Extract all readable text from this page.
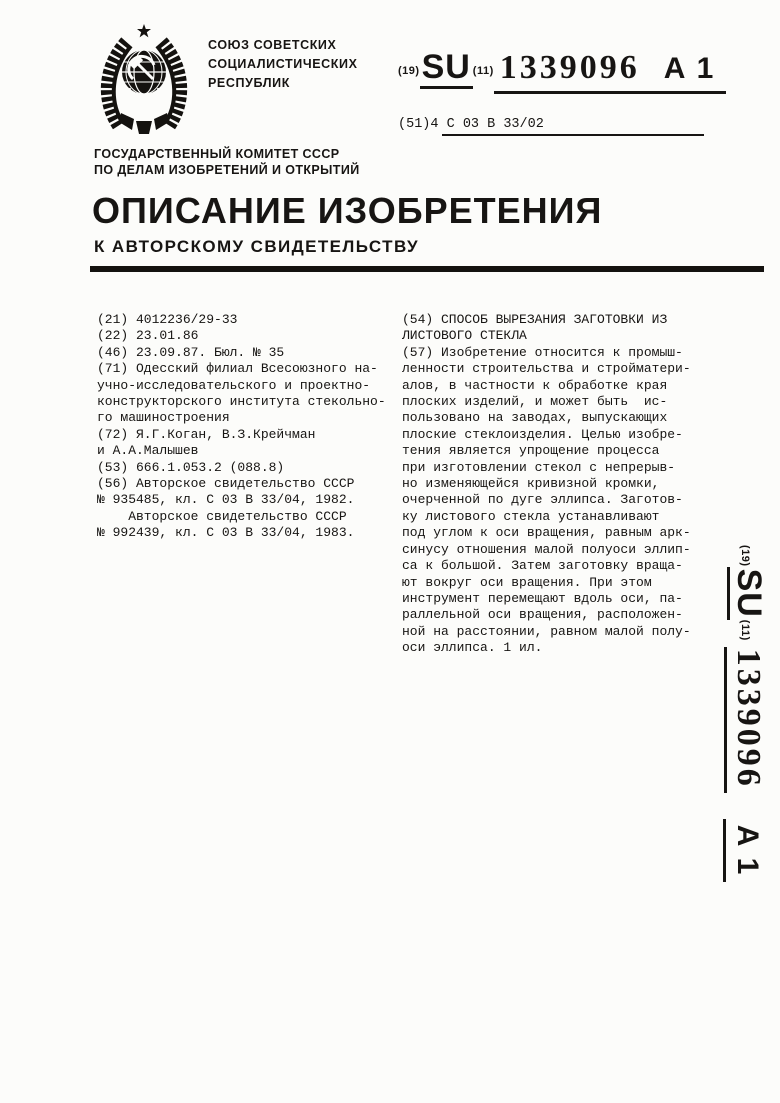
СОЮЗ СОВЕТСКИХ
СОЦИАЛИСТИЧЕСКИХ
РЕСПУБЛИК
(19) SU (11) 1339096 A 1
(51)4 С 03 В 33/02
ГОСУДАРСТВЕННЫЙ КОМИТЕТ СССР
ПО ДЕЛАМ ИЗОБРЕТЕНИЙ И ОТКРЫТИЙ
ОПИСАНИЕ ИЗОБРЕТЕНИЯ
К АВТОРСКОМУ СВИДЕТЕЛЬСТВУ
(21) 4012236/29-33
(22) 23.01.86
(46) 23.09.87. Бюл. № 35
(71) Одесский филиал Всесоюзного на-
учно-исследовательского и проектно-
конструкторского института стекольно-
го машиностроения
(72) Я.Г.Коган, В.З.Крейчман
и А.А.Малышев
(53) 666.1.053.2 (088.8)
(56) Авторское свидетельство СССР
№ 935485, кл. С 03 В 33/04, 1982.
Авторское свидетельство СССР
№ 992439, кл. С 03 В 33/04, 1983.
(54) СПОСОБ ВЫРЕЗАНИЯ ЗАГОТОВКИ ИЗ
ЛИСТОВОГО СТЕКЛА
(57) Изобретение относится к промыш-
ленности строительства и стройматери-
алов, в частности к обработке края
плоских изделий, и может быть  ис-
пользовано на заводах, выпускающих
плоские стеклоизделия. Целью изобре-
тения является упрощение процесса
при изготовлении стекол с непрерыв-
но изменяющейся кривизной кромки,
очерченной по дуге эллипса. Заготов-
ку листового стекла устанавливают
под углом к оси вращения, равным арк-
синусу отношения малой полуоси эллип-
са к большой. Затем заготовку враща-
ют вокруг оси вращения. При этом
инструмент перемещают вдоль оси, па-
раллельной оси вращения, расположен-
ной на расстоянии, равном малой полу-
оси эллипса. 1 ил.
(19)
SU
(11)
1339096
A 1
